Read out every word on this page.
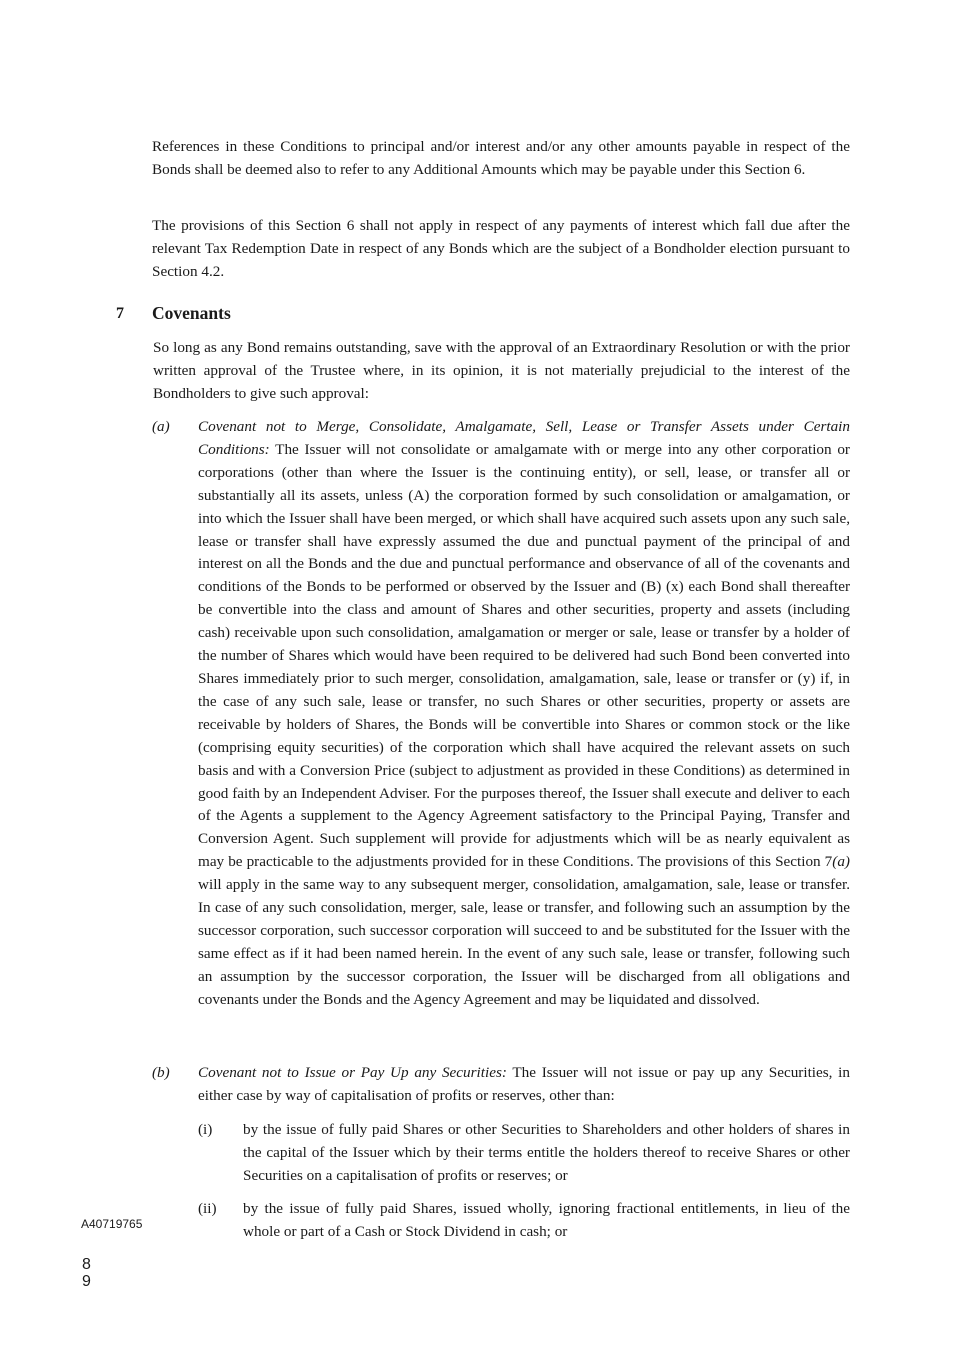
References in these Conditions to principal and/or interest and/or any other amounts payable in respect of the Bonds shall be deemed also to refer to any Additional Amounts which may be payable under this Section 6.

The provisions of this Section 6 shall not apply in respect of any payments of interest which fall due after the relevant Tax Redemption Date in respect of any Bonds which are the subject of a Bondholder election pursuant to Section 4.2.

7 Covenants

So long as any Bond remains outstanding, save with the approval of an Extraordinary Resolution or with the prior written approval of the Trustee where, in its opinion, it is not materially prejudicial to the interest of the Bondholders to give such approval:

(a) Covenant not to Merge, Consolidate, Amalgamate, Sell, Lease or Transfer Assets under Certain Conditions: The Issuer will not consolidate or amalgamate with or merge into any other corporation or corporations (other than where the Issuer is the continuing entity), or sell, lease, or transfer all or substantially all its assets, unless (A) the corporation formed by such consolidation or amalgamation, or into which the Issuer shall have been merged, or which shall have acquired such assets upon any such sale, lease or transfer shall have expressly assumed the due and punctual payment of the principal of and interest on all the Bonds and the due and punctual performance and observance of all of the covenants and conditions of the Bonds to be performed or observed by the Issuer and (B) (x) each Bond shall thereafter be convertible into the class and amount of Shares and other securities, property and assets (including cash) receivable upon such consolidation, amalgamation or merger or sale, lease or transfer by a holder of the number of Shares which would have been required to be delivered had such Bond been converted into Shares immediately prior to such merger, consolidation, amalgamation, sale, lease or transfer or (y) if, in the case of any such sale, lease or transfer, no such Shares or other securities, property or assets are receivable by holders of Shares, the Bonds will be convertible into Shares or common stock or the like (comprising equity securities) of the corporation which shall have acquired the relevant assets on such basis and with a Conversion Price (subject to adjustment as provided in these Conditions) as determined in good faith by an Independent Adviser. For the purposes thereof, the Issuer shall execute and deliver to each of the Agents a supplement to the Agency Agreement satisfactory to the Principal Paying, Transfer and Conversion Agent. Such supplement will provide for adjustments which will be as nearly equivalent as may be practicable to the adjustments provided for in these Conditions. The provisions of this Section 7(a) will apply in the same way to any subsequent merger, consolidation, amalgamation, sale, lease or transfer. In case of any such consolidation, merger, sale, lease or transfer, and following such an assumption by the successor corporation, such successor corporation will succeed to and be substituted for the Issuer with the same effect as if it had been named herein. In the event of any such sale, lease or transfer, following such an assumption by the successor corporation, the Issuer will be discharged from all obligations and covenants under the Bonds and the Agency Agreement and may be liquidated and dissolved.

(b) Covenant not to Issue or Pay Up any Securities: The Issuer will not issue or pay up any Securities, in either case by way of capitalisation of profits or reserves, other than:

(i) by the issue of fully paid Shares or other Securities to Shareholders and other holders of shares in the capital of the Issuer which by their terms entitle the holders thereof to receive Shares or other Securities on a capitalisation of profits or reserves; or

(ii) by the issue of fully paid Shares, issued wholly, ignoring fractional entitlements, in lieu of the whole or part of a Cash or Stock Dividend in cash; or

A40719765
89
